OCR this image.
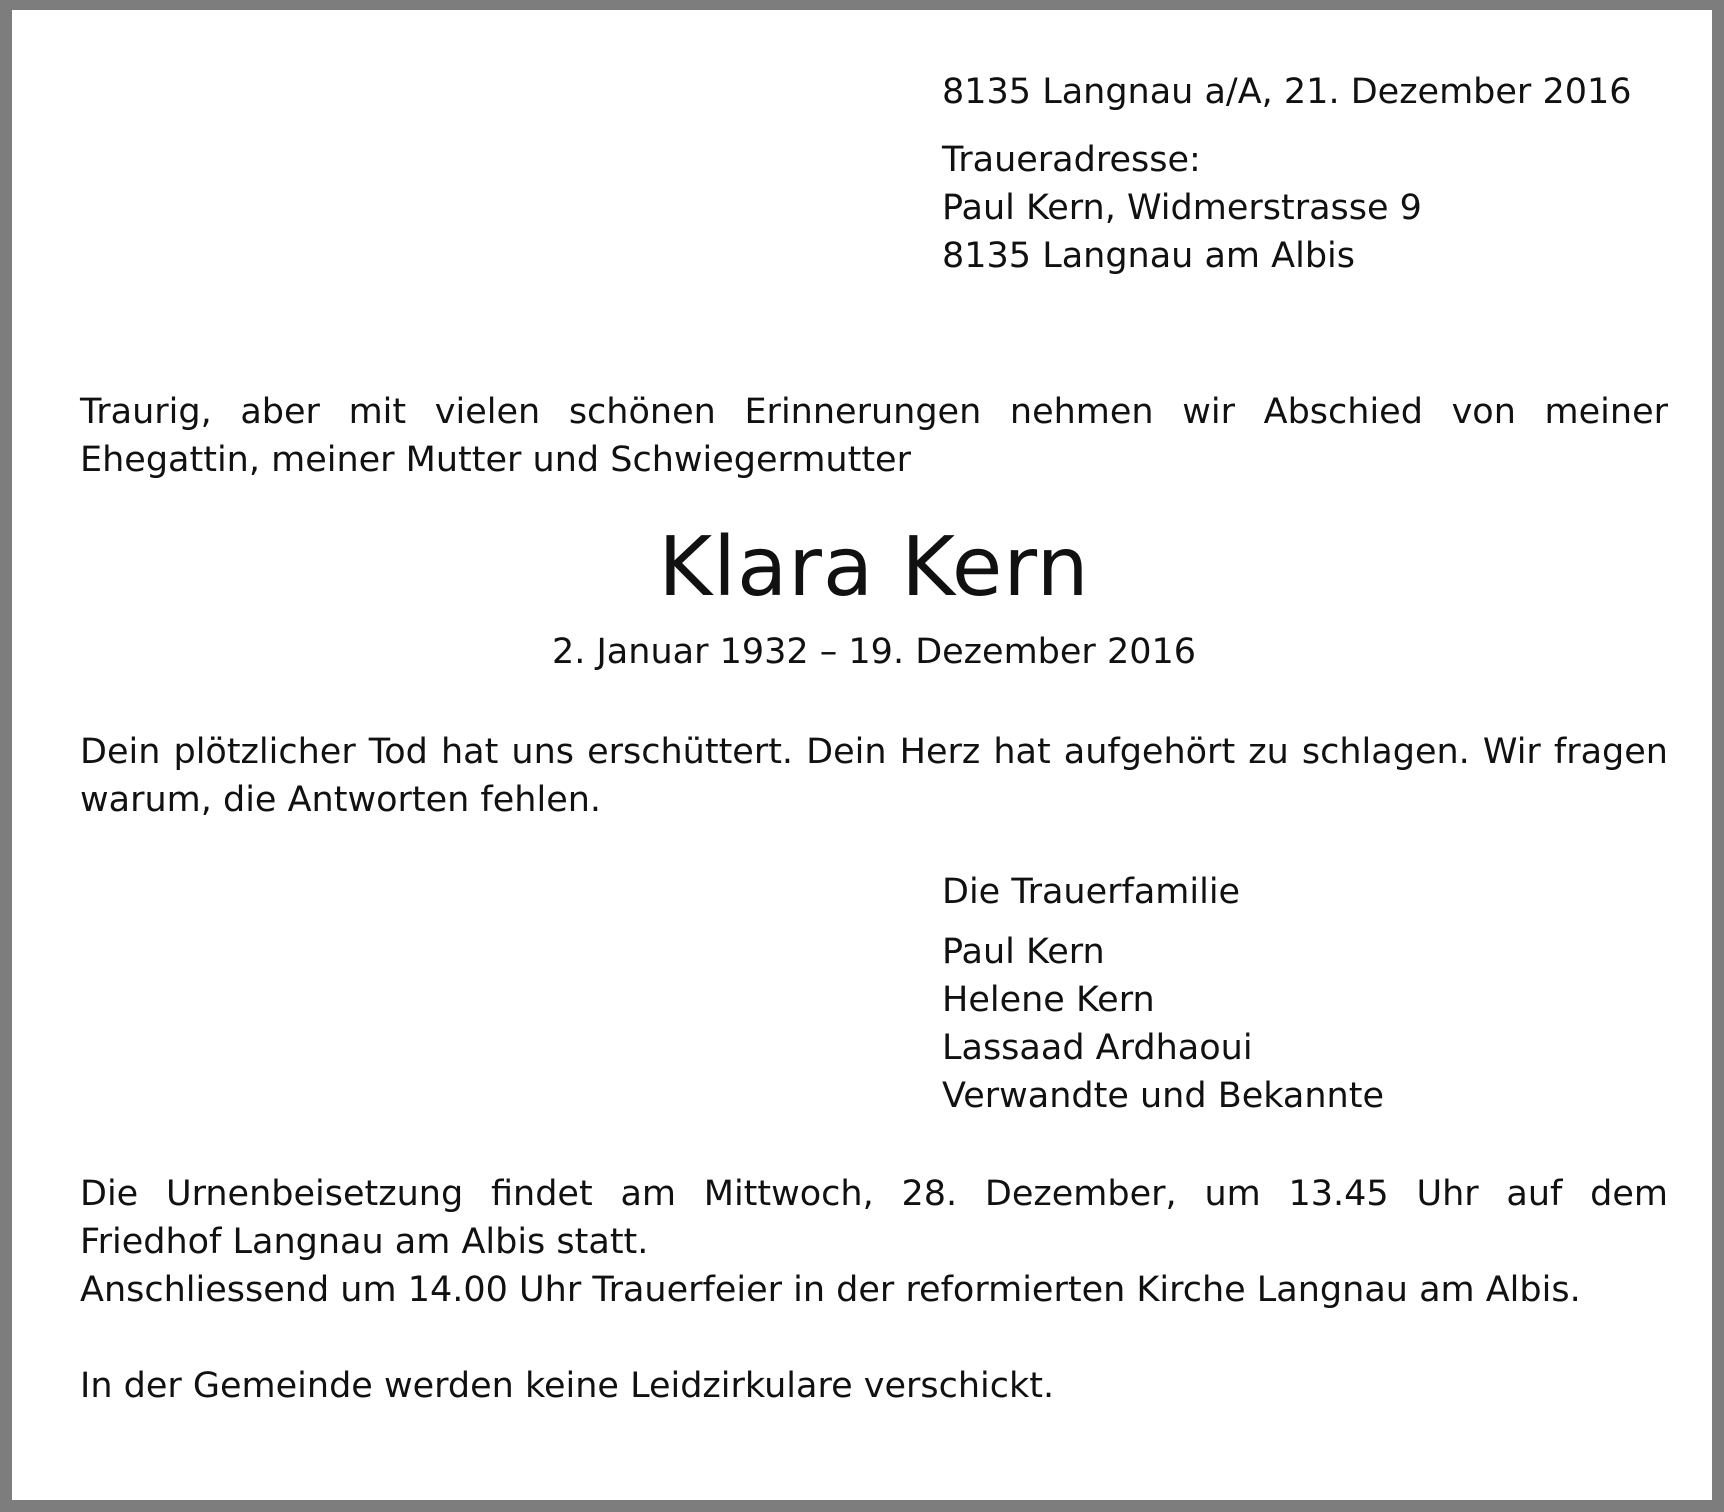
8135 Langnau a/A, 21. Dezember 2016

Traueradresse:

Paul Kern, Widmerstrasse 9

8135 Langnau am Albis

Traurig, aber mit vielen schönen Erinnerungen nehmen wir Abschied von meiner
Ehegattin, meiner Mutter und Schwiegermutter

Klara Kern

2. Januar 1932 – 19. Dezember 2016

Dein plötzlicher Tod hat uns erschüttert. Dein Herz hat aufgehört zu schlagen. Wir fragen
warum, die Antworten fehlen.

Die Trauerfamilie

Paul Kern

Helene Kern

Lassaad Ardhaoui

Verwandte und Bekannte

Die Urnenbeisetzung findet am Mittwoch, 28. Dezember, um 13.45 Uhr auf dem
Friedhof Langnau am Albis statt.
Anschliessend um 14.00 Uhr Trauerfeier in der reformierten Kirche Langnau am Albis.
In der Gemeinde werden keine Leidzirkulare verschickt.
